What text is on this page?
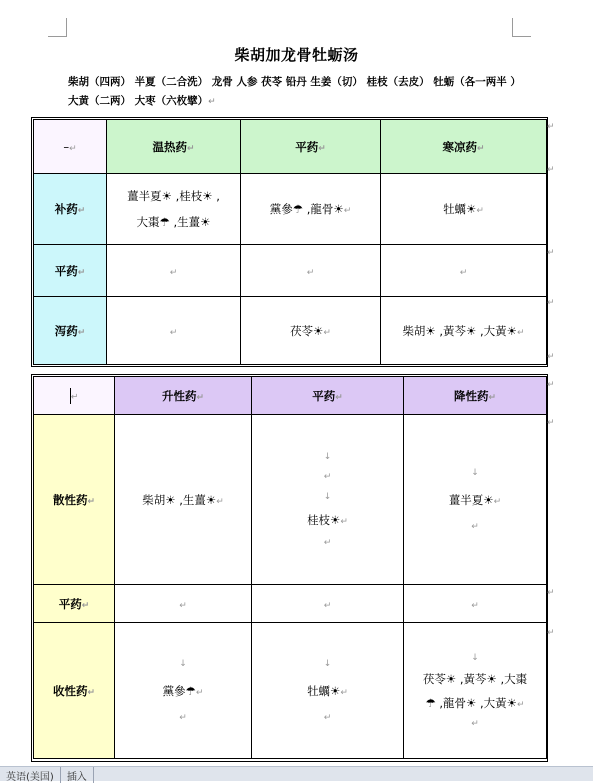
柴胡加龙骨牡蛎汤
柴胡（四两） 半夏（二合洗） 龙骨 人参 茯苓 铅丹 生姜（切） 桂枝（去皮） 牡蛎（各一两半 ） 大黄（二两） 大枣（六枚擘）↵
–↵	温热药↵	平药↵	寒凉药↵
补药↵	薑半夏☀ ,桂枝☀ ,
大棗☂ ,生薑☀	黨參☂ ,龍骨☀↵	牡蠣☀↵
平药↵	↵	↵	↵
泻药↵	↵	茯苓☀↵	柴胡☀ ,黃芩☀ ,大黃☀↵
↵	升性药↵	平药↵	降性药↵
散性药↵	柴胡☀ ,生薑☀↵	↓
↵
↓
桂枝☀↵
↵	↓
薑半夏☀↵
↵

平药↵	↵	↵	↵
收性药↵	↓
黨參☂↵
↵	↓
牡蠣☀↵
↵	↓
茯苓☀ ,黃芩☀ ,大棗
☂ ,龍骨☀ ,大黃☀↵
↵
↵
↵
↵
↵
↵
↵
↵
↵
↵
英语(美国) 插入
